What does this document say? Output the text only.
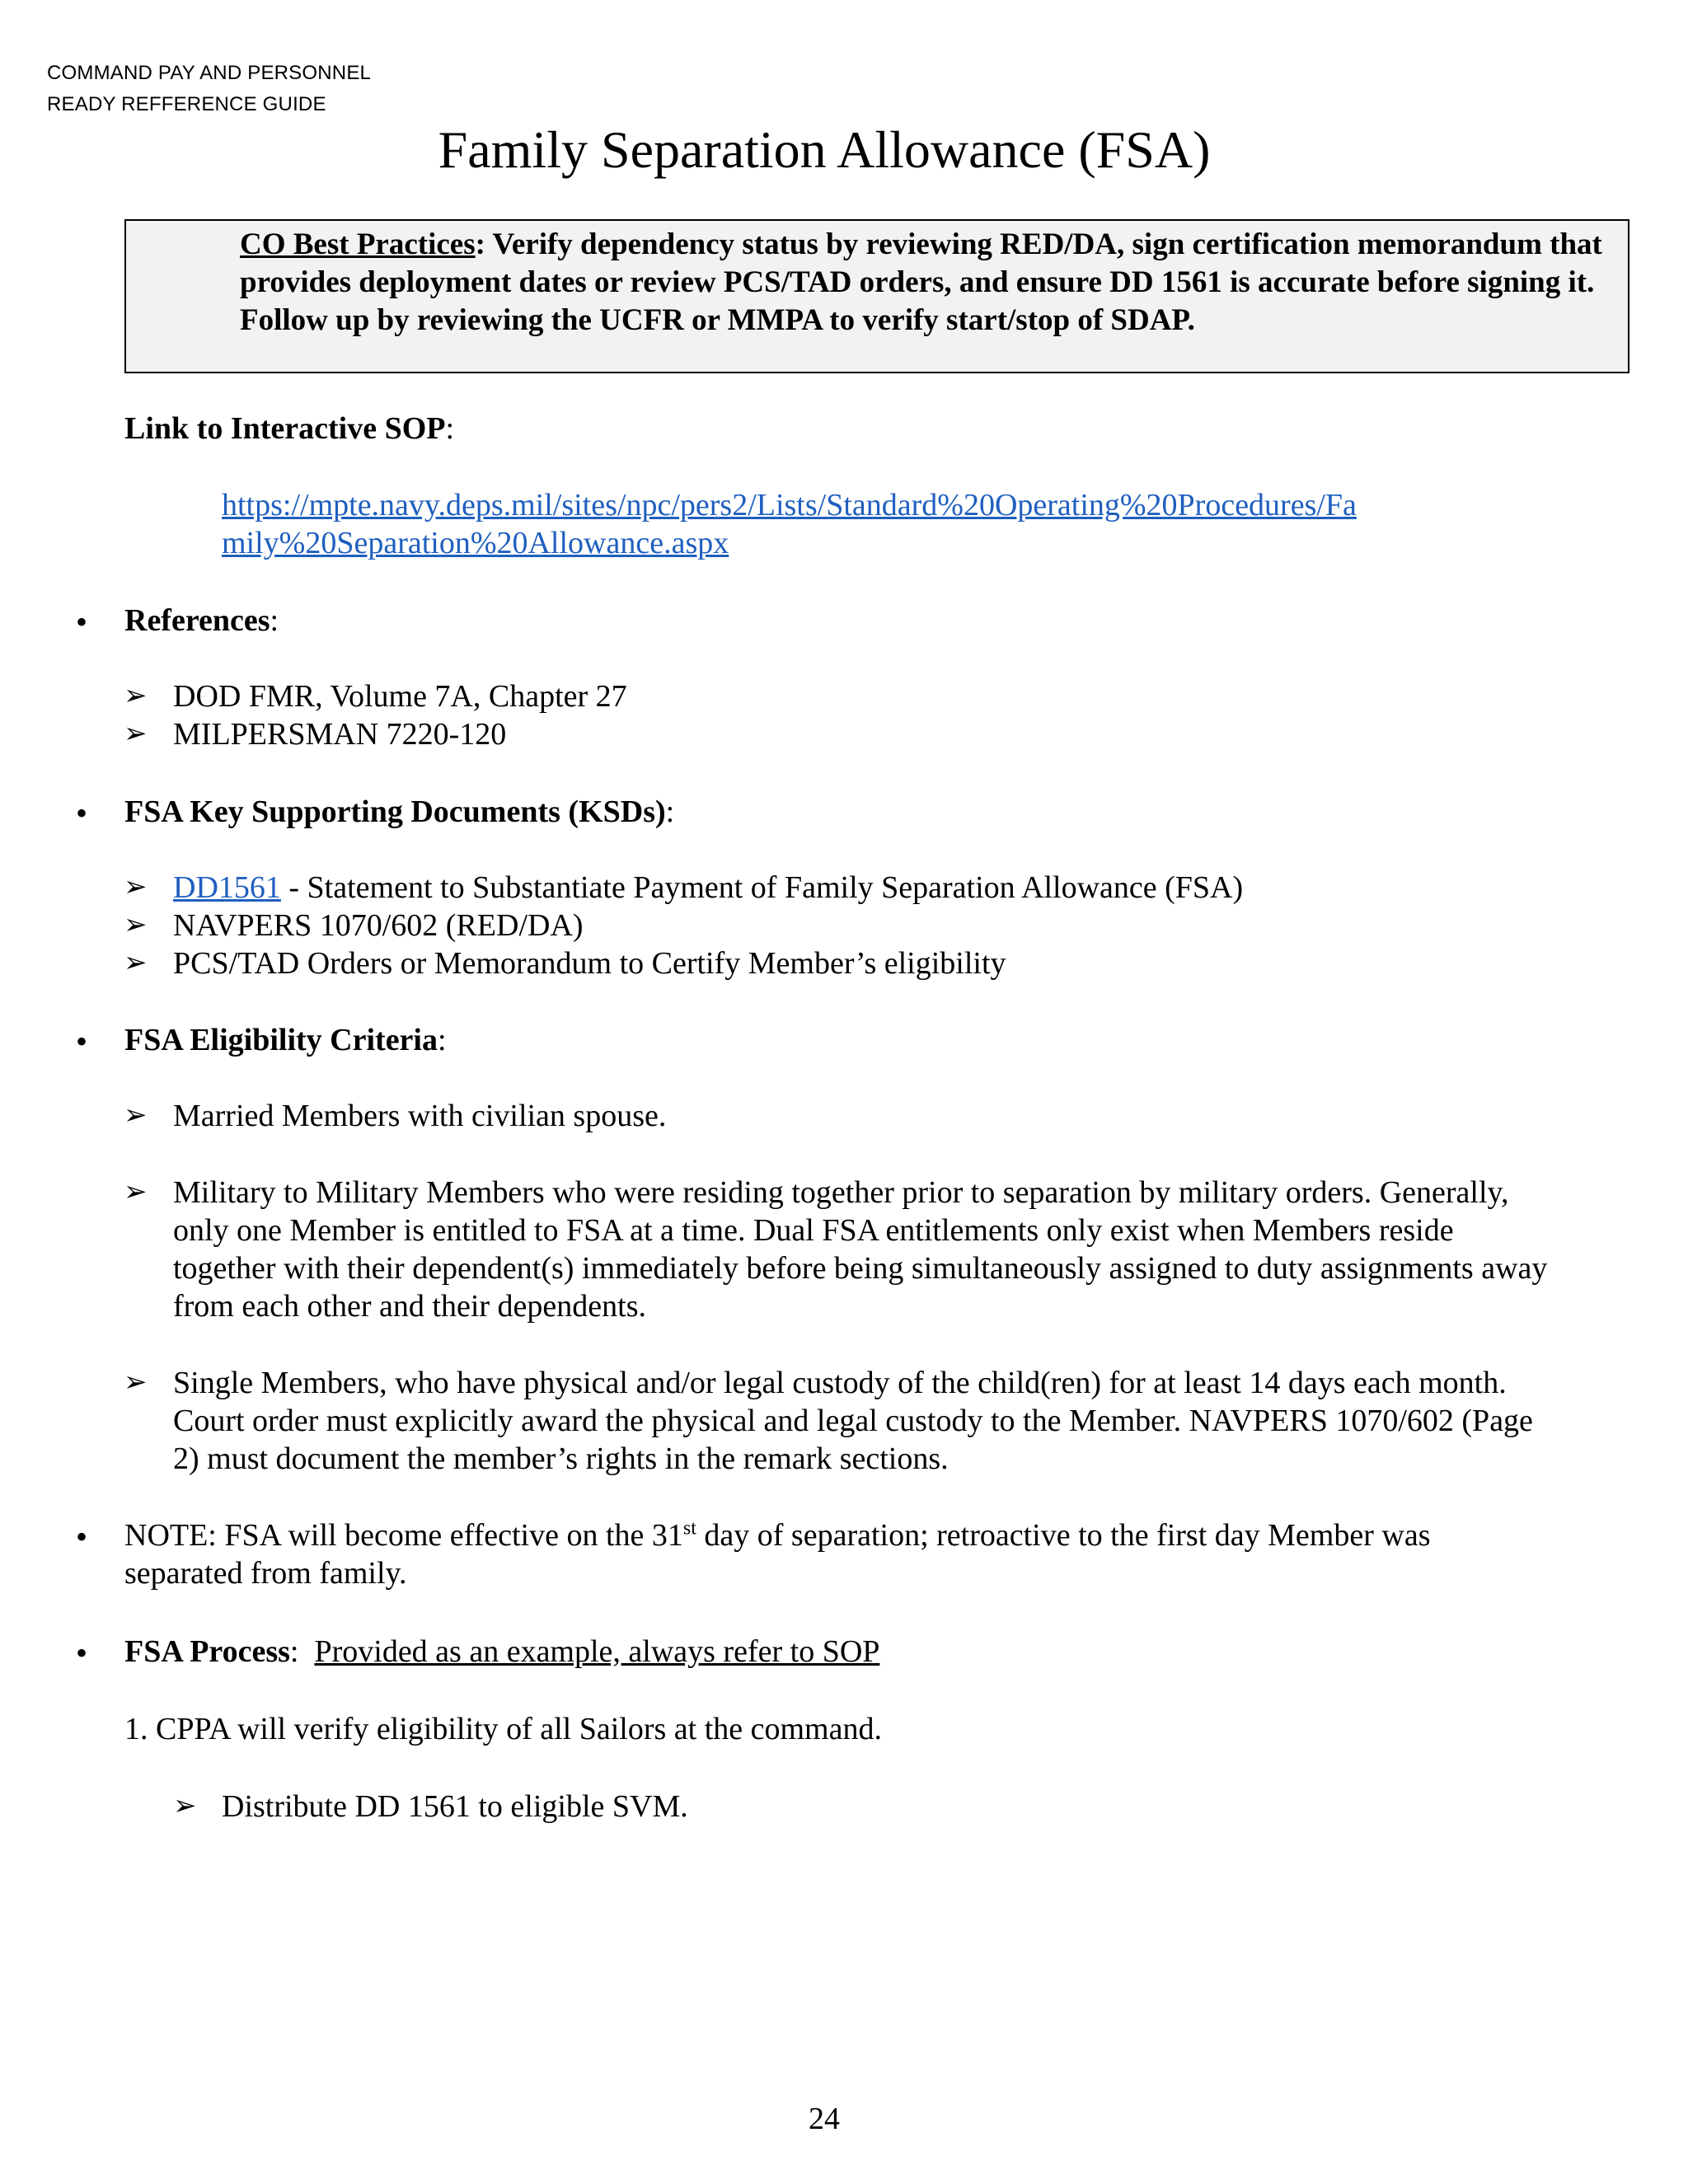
COMMAND PAY AND PERSONNEL
READY REFFERENCE GUIDE
Family Separation Allowance (FSA)
CO Best Practices: Verify dependency status by reviewing RED/DA, sign certification memorandum that provides deployment dates or review PCS/TAD orders, and ensure DD 1561 is accurate before signing it. Follow up by reviewing the UCFR or MMPA to verify start/stop of SDAP.
Link to Interactive SOP:
https://mpte.navy.deps.mil/sites/npc/pers2/Lists/Standard%20Operating%20Procedures/Fa
mily%20Separation%20Allowance.aspx
• References:
➢ DOD FMR, Volume 7A, Chapter 27
➢ MILPERSMAN 7220-120
• FSA Key Supporting Documents (KSDs):
➢ DD1561 - Statement to Substantiate Payment of Family Separation Allowance (FSA)
➢ NAVPERS 1070/602 (RED/DA)
➢ PCS/TAD Orders or Memorandum to Certify Member’s eligibility
• FSA Eligibility Criteria:
➢ Married Members with civilian spouse.
➢ Military to Military Members who were residing together prior to separation by military orders. Generally,
only one Member is entitled to FSA at a time. Dual FSA entitlements only exist when Members reside
together with their dependent(s) immediately before being simultaneously assigned to duty assignments away
from each other and their dependents.
➢ Single Members, who have physical and/or legal custody of the child(ren) for at least 14 days each month.
Court order must explicitly award the physical and legal custody to the Member. NAVPERS 1070/602 (Page
2) must document the member’s rights in the remark sections.
• NOTE: FSA will become effective on the 31st day of separation; retroactive to the first day Member was
separated from family.
• FSA Process:  Provided as an example, always refer to SOP
1. CPPA will verify eligibility of all Sailors at the command.
➢ Distribute DD 1561 to eligible SVM.
24
